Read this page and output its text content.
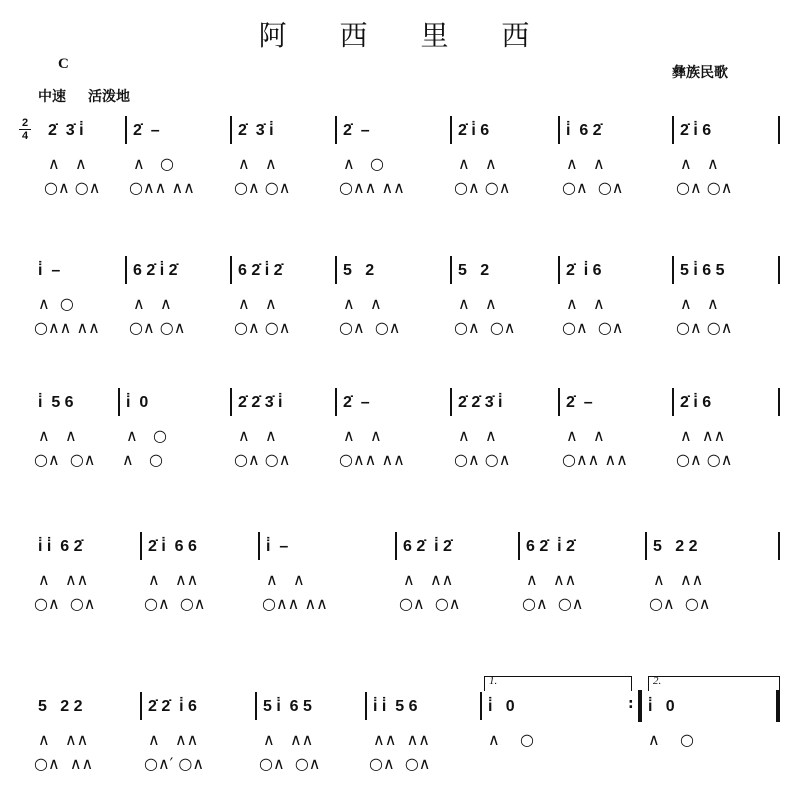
阿 西 里 西
C
中速 活泼地
彝族民歌
2
4 2̇  3̇ i̇
∧   ∧
○∧ ○∧
2̇  –
∧   ○
○∧∧ ∧∧
2̇  3̇ i̇
∧   ∧
○∧ ○∧
2̇  –
∧   ○
○∧∧ ∧∧
2̇ i̇ 6
∧   ∧
○∧ ○∧
i̇  6 2̇
∧   ∧
○∧  ○∧
2̇ i̇ 6
∧   ∧
○∧ ○∧
i̇  –
∧  ○
○∧∧ ∧∧
6 2̇ i̇ 2̇
∧   ∧
○∧ ○∧
6 2̇ i̇ 2̇
∧   ∧
○∧ ○∧
5   2
∧   ∧
○∧  ○∧
5   2
∧   ∧
○∧  ○∧
2̇  i̇ 6
∧   ∧
○∧  ○∧
5 i̇ 6 5
∧   ∧
○∧ ○∧
i̇  5 6
∧   ∧
○∧  ○∧
i̇  0
∧   ○
∧   ○
2̇ 2̇ 3̇ i̇
∧   ∧
○∧ ○∧
2̇  –
∧   ∧
○∧∧ ∧∧
2̇ 2̇ 3̇ i̇
∧   ∧
○∧ ○∧
2̇  –
∧   ∧
○∧∧ ∧∧
2̇ i̇ 6
∧  ∧∧
○∧ ○∧
i̇ i̇  6 2̇
∧   ∧∧
○∧  ○∧
2̇ i̇  6 6
∧   ∧∧
○∧  ○∧
i̇  –
∧   ∧
○∧∧ ∧∧
6 2̇  i̇ 2̇
∧   ∧∧
○∧  ○∧
6 2̇  i̇ 2̇
∧   ∧∧
○∧  ○∧
5   2 2
∧   ∧∧
○∧  ○∧
5   2 2
∧   ∧∧
○∧  ∧∧
2̇ 2̇  i̇ 6
∧   ∧∧
○∧′ ○∧
5 i̇  6 5
∧   ∧∧
○∧  ○∧
i̇ i̇  5 6
∧∧  ∧∧
○∧  ○∧
i̇   0
∧    ○
i̇   0
∧    ○
1.	2.
:
